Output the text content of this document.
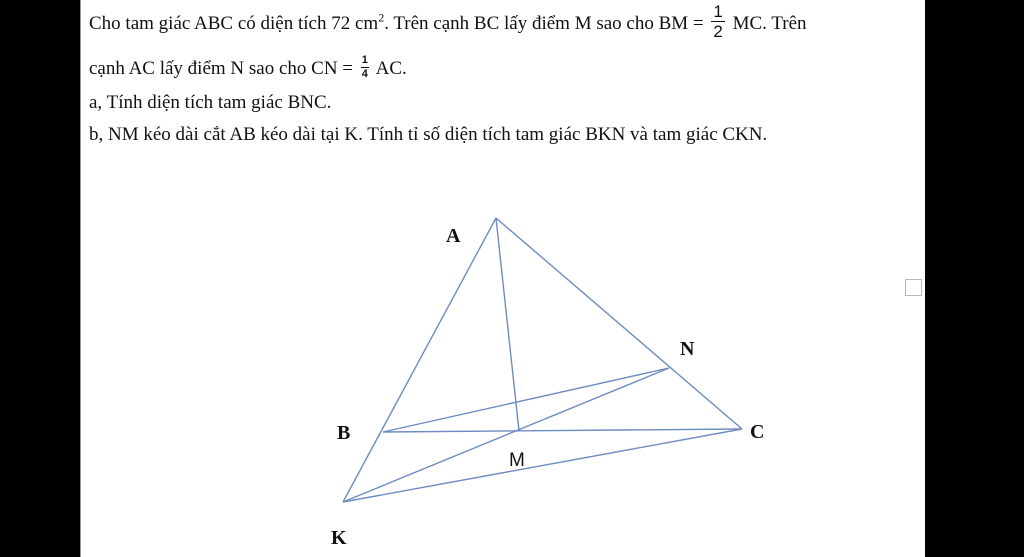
Cho tam giác ABC có diện tích 72 $cm^2$. Trên cạnh BC lấy điểm M sao cho BM = $\frac{1}{2}$ MC. Trên
cạnh AC lấy điểm N sao cho CN = $\frac{1}{4}$ AC.
a, Tính diện tích tam giác BNC.
b, NM kéo dài cắt AB kéo dài tại K. Tính tỉ số diện tích tam giác BKN và tam giác CKN.
A
B	C
N
M
K
